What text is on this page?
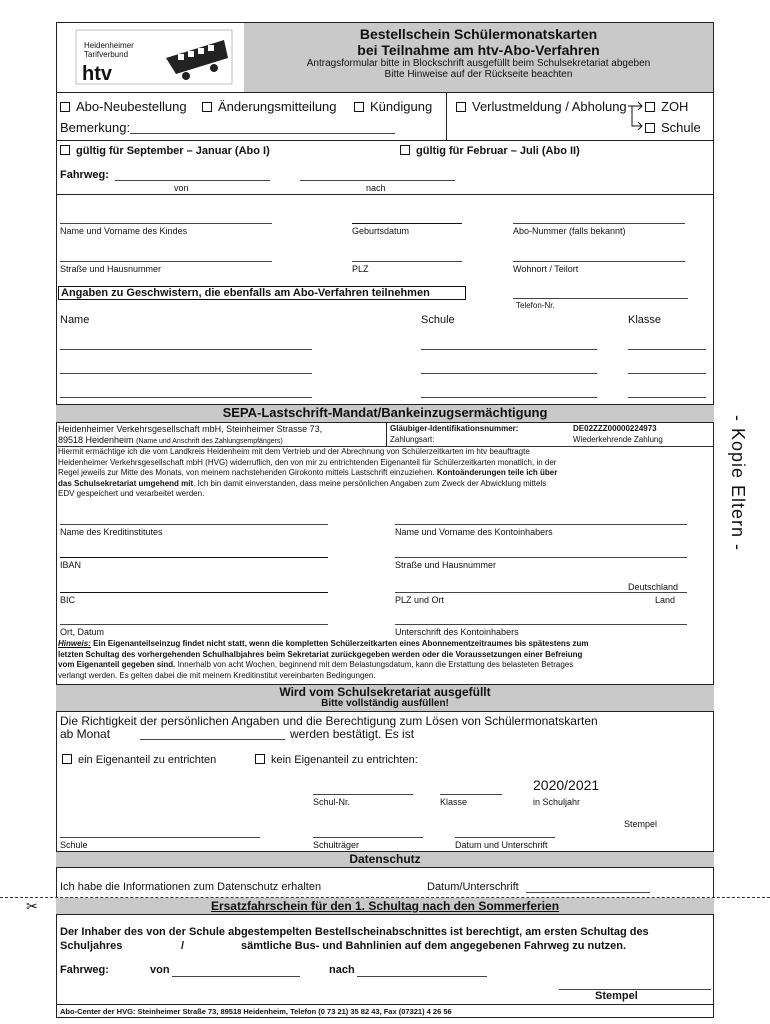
Heidenheimer
Tarifverbund
htv
Bestellschein Schülermonatskarten
bei Teilnahme am htv-Abo-Verfahren
Antragsformular bitte in Blockschrift ausgefüllt beim Schulsekretariat abgeben
Bitte Hinweise auf der Rückseite beachten
Abo-Neubestellung	Änderungsmitteilung	Kündigung	Verlustmeldung / Abholung	ZOH
Schule
Bemerkung:
gültig für September – Januar (Abo I)	gültig für Februar – Juli (Abo II)
Fahrweg:
von	nach
Name und Vorname des Kindes	Geburtsdatum	Abo-Nummer (falls bekannt)
Straße und Hausnummer	PLZ	Wohnort / Teilort
Angaben zu Geschwistern, die ebenfalls am Abo-Verfahren teilnehmen
Telefon-Nr.
Name	Schule	Klasse
SEPA-Lastschrift-Mandat/Bankeinzugsermächtigung
Heidenheimer Verkehrsgesellschaft mbH, Steinheimer Strasse 73,
89518 Heidenheim (Name und Anschrift des Zahlungsempfängers)
Gläubiger-Identifikationsnummer:	DE02ZZZ00000224973
Zahlungsart:	Wiederkehrende Zahlung
Hiermit ermächtige ich die vom Landkreis Heidenheim mit dem Vertrieb und der Abrechnung von Schülerzeitkarten im htv beauftragte
Heidenheimer Verkehrsgesellschaft mbH (HVG) widerruflich, den von mir zu entrichtenden Eigenanteil für Schülerzeitkarten monatlich, in der
Regel jeweils zur Mitte des Monats, von meinem nachstehenden Girokonto mittels Lastschrift einzuziehen. Kontoänderungen teile ich über
das Schulsekretariat umgehend mit. Ich bin damit einverstanden, dass meine persönlichen Angaben zum Zweck der Abwicklung mittels
EDV gespeichert und verarbeitet werden.
Name des Kreditinstitutes	Name und Vorname des Kontoinhabers
IBAN	Straße und Hausnummer
Deutschland
BIC	PLZ und Ort	Land
Ort, Datum	Unterschrift des Kontoinhabers
Hinweis: Ein Eigenanteilseinzug findet nicht statt, wenn die kompletten Schülerzeitkarten eines Abonnementzeitraumes bis spätestens zum
letzten Schultag des vorhergehenden Schulhalbjahres beim Sekretariat zurückgegeben werden oder die Voraussetzungen einer Befreiung
vom Eigenanteil gegeben sind. Innerhalb von acht Wochen, beginnend mit dem Belastungsdatum, kann die Erstattung des belasteten Betrages
verlangt werden. Es gelten dabei die mit meinem Kreditinstitut vereinbarten Bedingungen.
Wird vom Schulsekretariat ausgefüllt
Bitte vollständig ausfüllen!
Die Richtigkeit der persönlichen Angaben und die Berechtigung zum Lösen von Schülermonatskarten
ab Monat	werden bestätigt. Es ist
ein Eigenanteil zu entrichten	kein Eigenanteil zu entrichten:
2020/2021
Schul-Nr.	Klasse	in Schuljahr
Stempel
Schule	Schulträger	Datum und Unterschrift
Datenschutz
Ich habe die Informationen zum Datenschutz erhalten	Datum/Unterschrift
✂	Ersatzfahrschein für den 1. Schultag nach den Sommerferien
Der Inhaber des von der Schule abgestempelten Bestellscheinabschnittes ist berechtigt, am ersten Schultag des
Schuljahres	/	sämtliche Bus- und Bahnlinien auf dem angegebenen Fahrweg zu nutzen.
Fahrweg:	von	nach
Stempel
Abo-Center der HVG: Steinheimer Straße 73, 89518 Heidenheim, Telefon (0 73 21) 35 82 43, Fax (07321) 4 26 56
- Kopie Eltern -
